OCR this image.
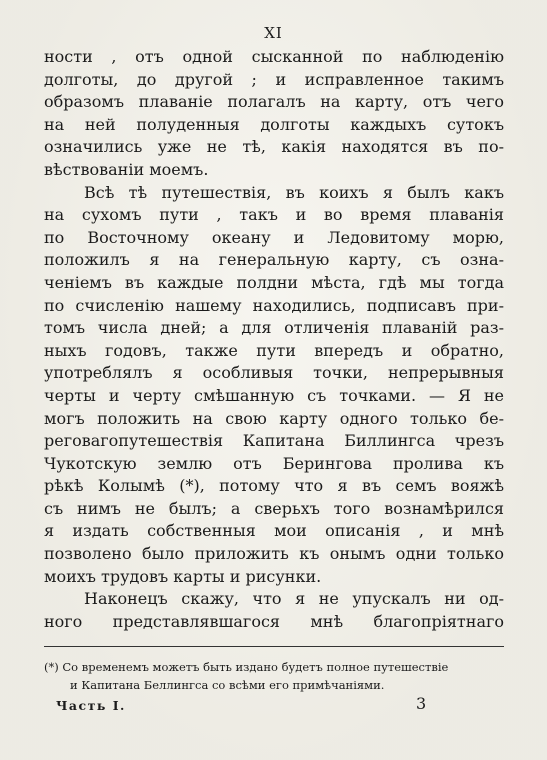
XI
ности , отъ одной сысканной по наблюденію
долготы, до другой ; и исправленное такимъ
образомъ плаваніе полагалъ на карту, отъ чего
на ней полуденныя долготы каждыхъ сутокъ
означились уже не тѣ, какія находятся въ по-
вѣствованіи моемъ.
Всѣ тѣ путешествія, въ коихъ я былъ какъ
на сухомъ пути , такъ и во время плаванія
по Восточному океану и Ледовитому морю,
положилъ я на генеральную карту, съ озна-
ченіемъ въ каждые полдни мѣста, гдѣ мы тогда
по счисленію нашему находились, подписавъ при-
томъ числа дней; а для отличенія плаваній раз-
ныхъ годовъ, также пути впередъ и обратно,
употреблялъ я особливыя точки, непрерывныя
черты и черту смѣшанную съ точками. — Я не
могъ положить на свою карту одного только бе-
реговагопутешествія Капитана Биллингса чрезъ
Чукотскую землю отъ Берингова пролива къ
рѣкѣ Колымѣ (*), потому что я въ семъ вояжѣ
съ нимъ не былъ; а сверьхъ того вознамѣрился
я издать собственныя мои описанія , и мнѣ
позволено было приложить къ онымъ одни только
моихъ трудовъ карты и рисунки.
Наконецъ скажу, что я не упускалъ ни од-
ного представлявшагося мнѣ благопріятнаго
(*) Со временемъ можетъ быть издано будетъ полное путешествіе
и Капитана Беллингса со всѣми его примѣчаніями.
Часть I.	3
